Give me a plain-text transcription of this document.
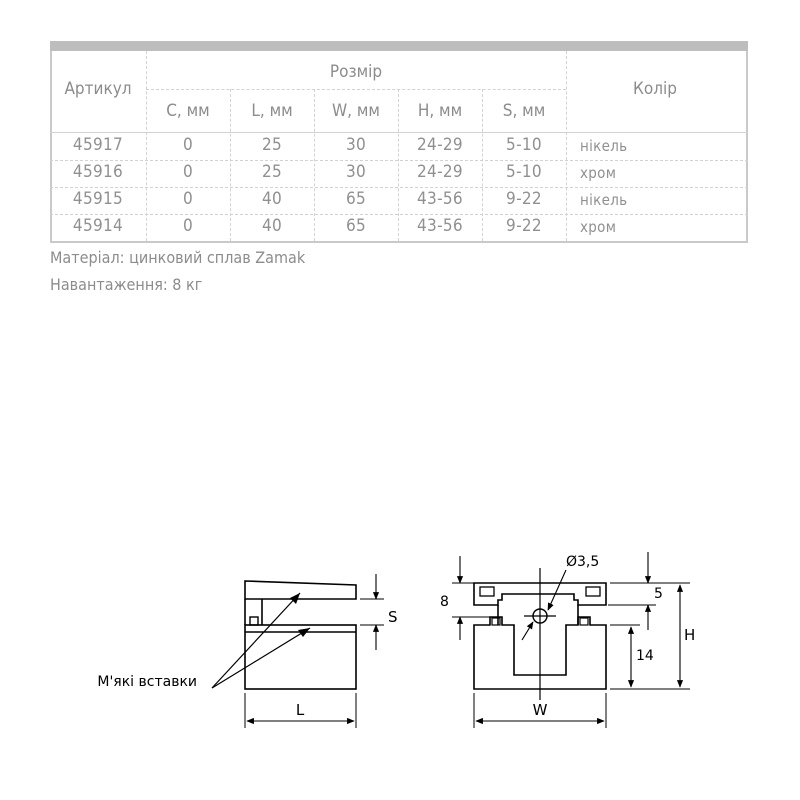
Артикул
Розмір
Колір
C, мм	L, мм	W, мм	H, мм	S, мм
45917	0	25	30	24-29	5-10	нікель
45916	0	25	30	24-29	5-10	хром
45915	0	40	65	43-56	9-22	нікель
45914	0	40	65	43-56	9-22	хром
Матеріал: цинковий сплав Zamak
Навантаження: 8 кг
М'які вставки
S
L
8
Ø3,5
5
14
H
W
